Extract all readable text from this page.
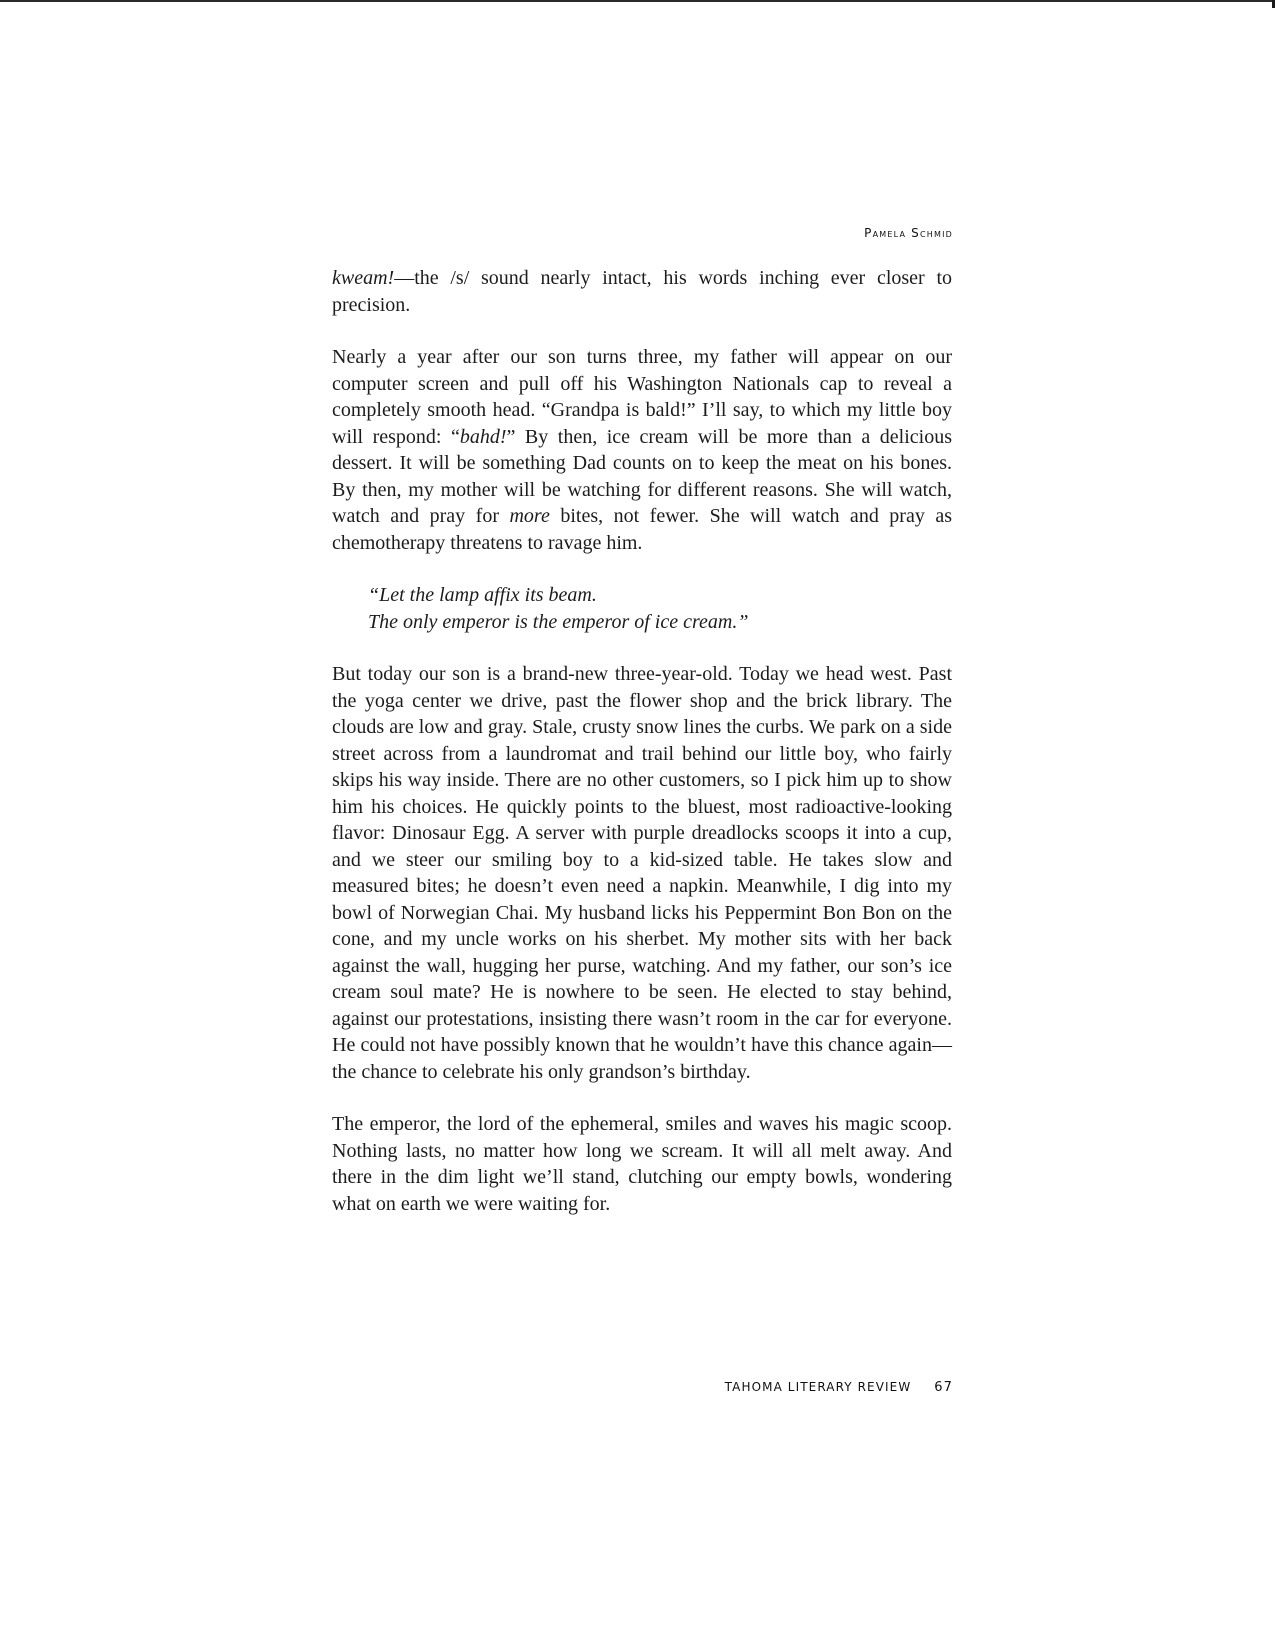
Pamela Schmid

kweam!—the /s/ sound nearly intact, his words inching ever closer to precision.

Nearly a year after our son turns three, my father will appear on our computer screen and pull off his Washington Nationals cap to reveal a completely smooth head. “Grandpa is bald!” I’ll say, to which my little boy will respond: “bahd!” By then, ice cream will be more than a delicious dessert. It will be something Dad counts on to keep the meat on his bones. By then, my mother will be watching for different reasons. She will watch, watch and pray for more bites, not fewer. She will watch and pray as chemotherapy threatens to ravage him.

“Let the lamp affix its beam.
The only emperor is the emperor of ice cream.”

But today our son is a brand-new three-year-old. Today we head west. Past the yoga center we drive, past the flower shop and the brick library. The clouds are low and gray. Stale, crusty snow lines the curbs. We park on a side street across from a laundromat and trail behind our little boy, who fairly skips his way inside. There are no other customers, so I pick him up to show him his choices. He quickly points to the bluest, most radioactive-looking flavor: Dinosaur Egg. A server with purple dreadlocks scoops it into a cup, and we steer our smiling boy to a kid-sized table. He takes slow and measured bites; he doesn’t even need a napkin. Meanwhile, I dig into my bowl of Norwegian Chai. My husband licks his Peppermint Bon Bon on the cone, and my uncle works on his sherbet. My mother sits with her back against the wall, hugging her purse, watching. And my father, our son’s ice cream soul mate? He is nowhere to be seen. He elected to stay behind, against our protestations, insisting there wasn’t room in the car for everyone. He could not have possibly known that he wouldn’t have this chance again—the chance to celebrate his only grandson’s birthday.

The emperor, the lord of the ephemeral, smiles and waves his magic scoop. Nothing lasts, no matter how long we scream. It will all melt away. And there in the dim light we’ll stand, clutching our empty bowls, wondering what on earth we were waiting for.

TAHOMA LITERARY REVIEW 67
